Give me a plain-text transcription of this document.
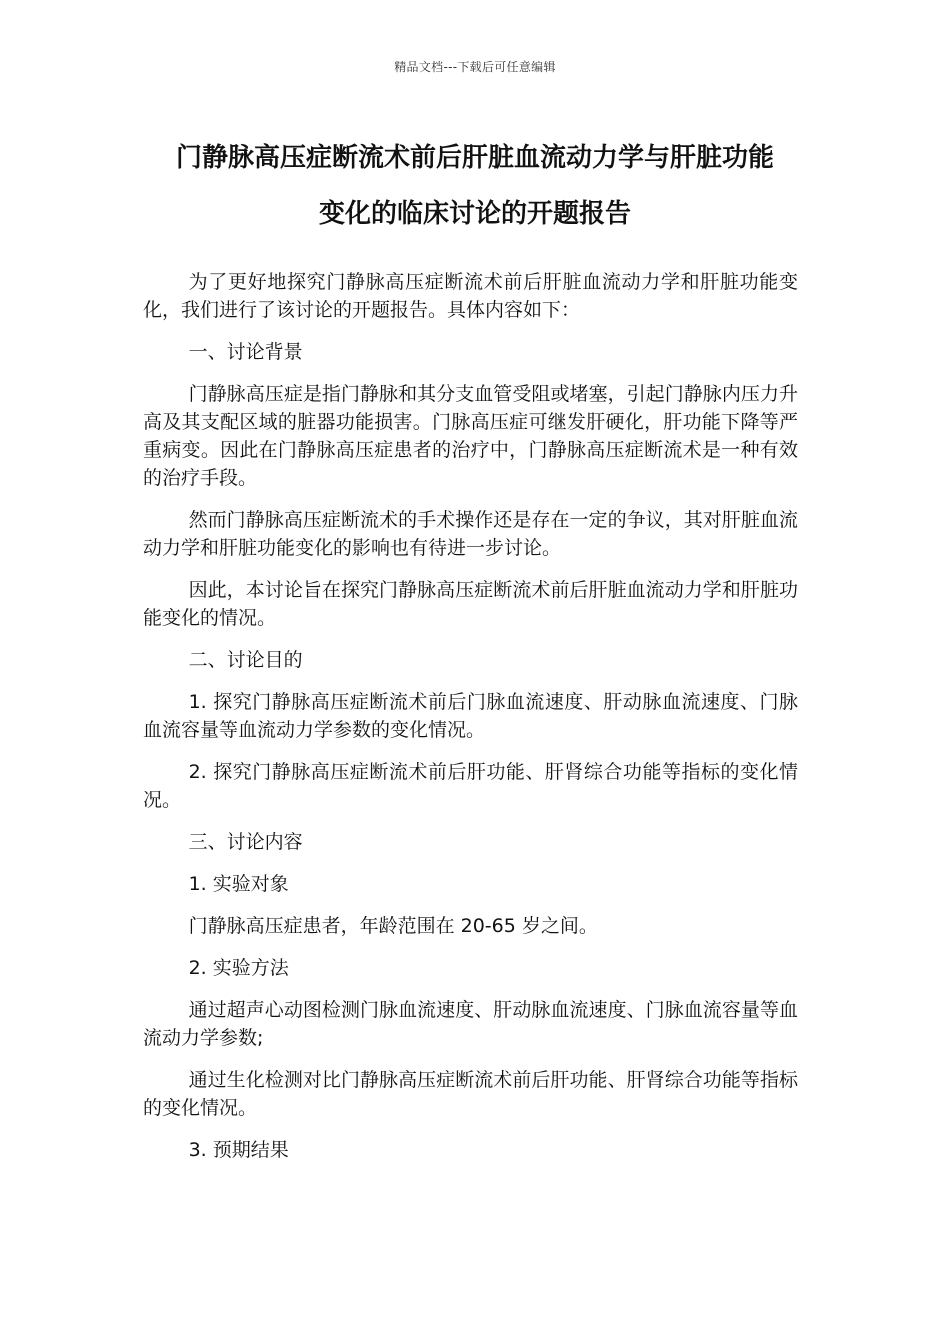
精品文档---下载后可任意编辑
门静脉高压症断流术前后肝脏血流动力学与肝脏功能
变化的临床讨论的开题报告

为了更好地探究门静脉高压症断流术前后肝脏血流动力学和肝脏功能变化，我们进行了该讨论的开题报告。具体内容如下：

一、讨论背景

门静脉高压症是指门静脉和其分支血管受阻或堵塞，引起门静脉内压力升高及其支配区域的脏器功能损害。门脉高压症可继发肝硬化，肝功能下降等严重病变。因此在门静脉高压症患者的治疗中，门静脉高压症断流术是一种有效的治疗手段。

然而门静脉高压症断流术的手术操作还是存在一定的争议，其对肝脏血流动力学和肝脏功能变化的影响也有待进一步讨论。

因此，本讨论旨在探究门静脉高压症断流术前后肝脏血流动力学和肝脏功能变化的情况。

二、讨论目的

1. 探究门静脉高压症断流术前后门脉血流速度、肝动脉血流速度、门脉血流容量等血流动力学参数的变化情况。

2. 探究门静脉高压症断流术前后肝功能、肝肾综合功能等指标的变化情况。

三、讨论内容

1. 实验对象

门静脉高压症患者，年龄范围在 20-65 岁之间。

2. 实验方法

通过超声心动图检测门脉血流速度、肝动脉血流速度、门脉血流容量等血流动力学参数;

通过生化检测对比门静脉高压症断流术前后肝功能、肝肾综合功能等指标的变化情况。

3. 预期结果
